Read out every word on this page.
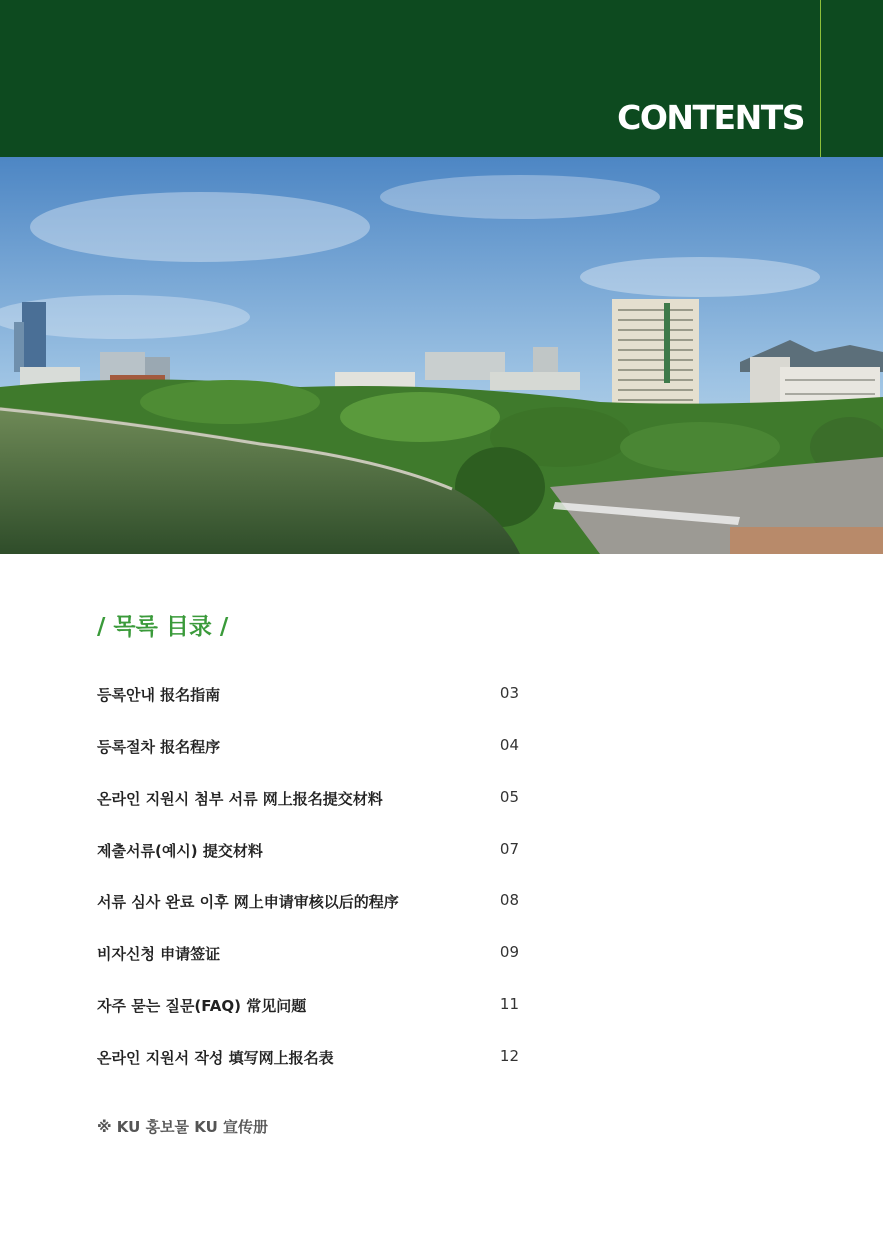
CONTENTS
/ 목록 目录 /
등록안내 报名指南	03
등록절차 报名程序	04
온라인 지원시 첨부 서류 网上报名提交材料	05
제출서류(예시) 提交材料	07
서류 심사 완료 이후 网上申请审核以后的程序	08
비자신청 申请签证	09
자주 묻는 질문(FAQ) 常见问题	11
온라인 지원서 작성 填写网上报名表	12
※ KU 홍보물 KU 宣传册
